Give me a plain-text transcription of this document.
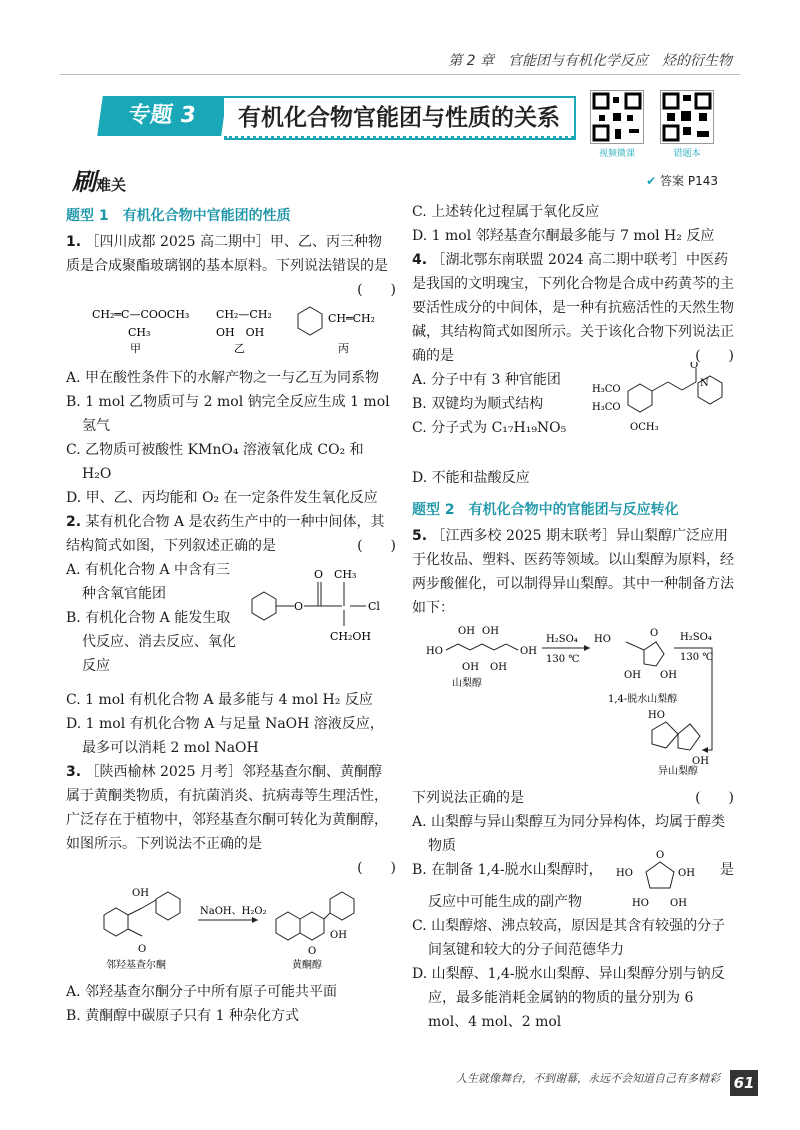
第 2 章　官能团与有机化学反应　烃的衍生物
专题 3	有机化合物官能团与性质的关系
视频微课	错题本
刷难关	✔ 答案 P143
题型 1　有机化合物中官能团的性质
1. ［四川成都 2025 高二期中］甲、乙、丙三种物质是合成聚酯玻璃钢的基本原料。下列说法错误的是
(　　)
CH₂═C—COOCH₃
CH₃
甲
CH₂—CH₂
OH　OH
乙
CH═CH₂
丙
A. 甲在酸性条件下的水解产物之一与乙互为同系物
B. 1 mol 乙物质可与 2 mol 钠完全反应生成 1 mol 氢气
C. 乙物质可被酸性 KMnO₄ 溶液氧化成 CO₂ 和 H₂O
D. 甲、乙、丙均能和 O₂ 在一定条件发生氧化反应
2. 某有机化合物 A 是农药生产中的一种中间体，其结构简式如图，下列叙述正确的是	(　　)
A. 有机化合物 A 中含有三种含氧官能团
B. 有机化合物 A 能发生取代反应、消去反应、氧化反应
O
O CH₃
Cl
CH₂OH
C. 1 mol 有机化合物 A 最多能与 4 mol H₂ 反应
D. 1 mol 有机化合物 A 与足量 NaOH 溶液反应，最多可以消耗 2 mol NaOH
3. ［陕西榆林 2025 月考］邻羟基查尔酮、黄酮醇属于黄酮类物质，有抗菌消炎、抗病毒等生理活性，广泛存在于植物中，邻羟基查尔酮可转化为黄酮醇，如图所示。下列说法不正确的是
(　　)
OH
O
NaOH、H₂O₂
OH
O
邻羟基查尔酮	黄酮醇
A. 邻羟基查尔酮分子中所有原子可能共平面
B. 黄酮醇中碳原子只有 1 种杂化方式
C. 上述转化过程属于氧化反应
D. 1 mol 邻羟基查尔酮最多能与 7 mol H₂ 反应
4. ［湖北鄂东南联盟 2024 高二期中联考］中医药是我国的文明瑰宝，下列化合物是合成中药黄芩的主要活性成分的中间体，是一种有抗癌活性的天然生物碱，其结构简式如图所示。关于该化合物下列说法正确的是	(　　)
A. 分子中有 3 种官能团
B. 双键均为顺式结构
C. 分子式为 C₁₇H₁₉NO₅
H₃CO
H₃CO
OCH₃
N
O
D. 不能和盐酸反应
题型 2　有机化合物中的官能团与反应转化
5. ［江西多校 2025 期末联考］异山梨醇广泛应用于化妆品、塑料、医药等领域。以山梨醇为原料，经两步酸催化，可以制得异山梨醇。其中一种制备方法如下：
HO	OH
OH OH
OH OH
山梨醇
H₂SO₄
130 ℃
HO
O
OH OH
1,4-脱水山梨醇
H₂SO₄
130 ℃
HO
OH
异山梨醇
下列说法正确的是	(　　)
A. 山梨醇与异山梨醇互为同分异构体，均属于醇类物质
B. 在制备 1,4-脱水山梨醇时，
O
HO	OH
HO OH
是
反应中可能生成的副产物
C. 山梨醇熔、沸点较高，原因是其含有较强的分子间氢键和较大的分子间范德华力
D. 山梨醇、1,4-脱水山梨醇、异山梨醇分别与钠反应，最多能消耗金属钠的物质的量分别为 6 mol、4 mol、2 mol
人生就像舞台，不到谢幕，永远不会知道自己有多精彩 61
